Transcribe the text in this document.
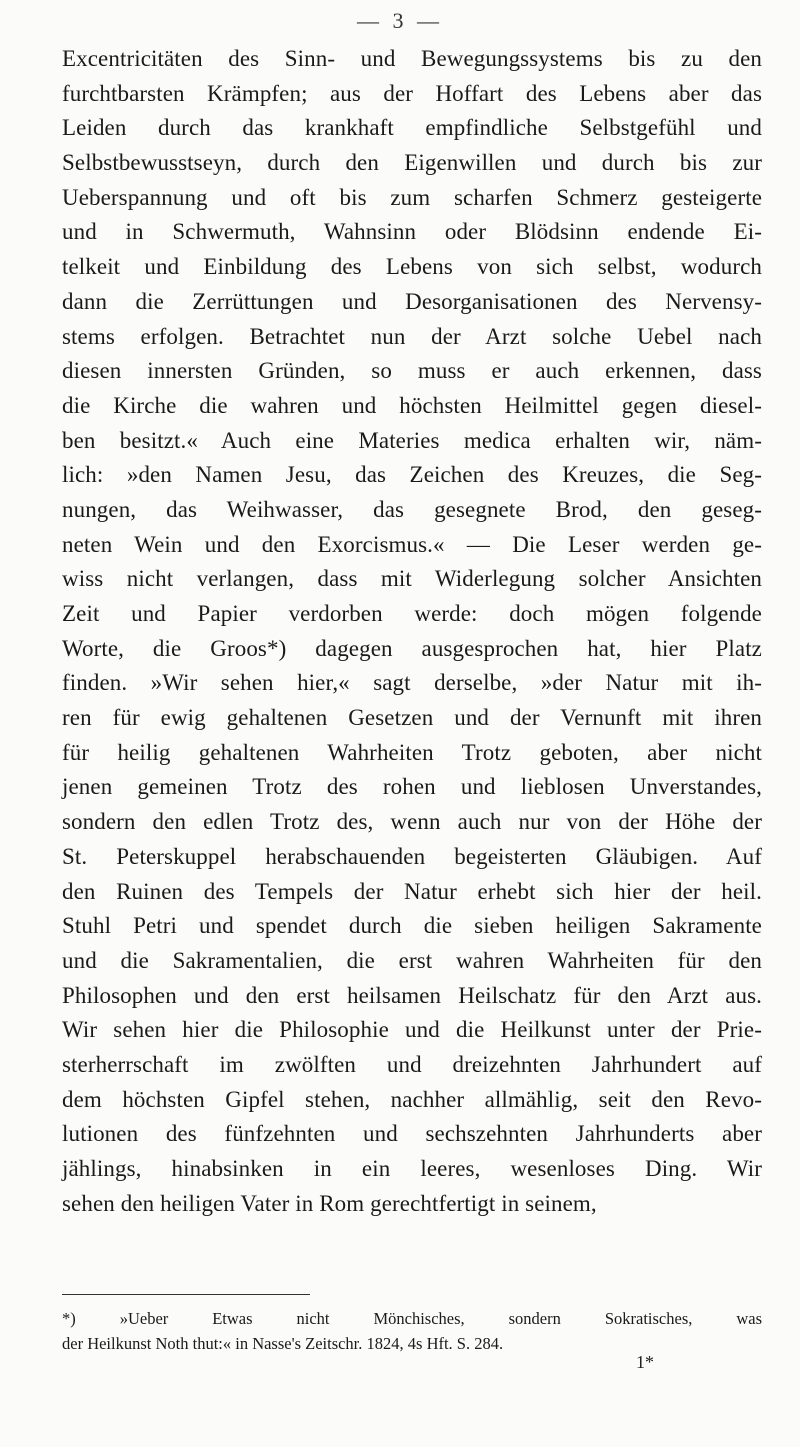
— 3 —
Excentricitäten des Sinn- und Bewegungssystems bis zu den
furchtbarsten Krämpfen; aus der Hoffart des Lebens aber das
Leiden durch das krankhaft empfindliche Selbstgefühl und
Selbstbewusstseyn, durch den Eigenwillen und durch bis zur
Ueberspannung und oft bis zum scharfen Schmerz gesteigerte
und in Schwermuth, Wahnsinn oder Blödsinn endende Ei-
telkeit und Einbildung des Lebens von sich selbst, wodurch
dann die Zerrüttungen und Desorganisationen des Nervensy-
stems erfolgen. Betrachtet nun der Arzt solche Uebel nach
diesen innersten Gründen, so muss er auch erkennen, dass
die Kirche die wahren und höchsten Heilmittel gegen diesel-
ben besitzt.« Auch eine Materies medica erhalten wir, näm-
lich: »den Namen Jesu, das Zeichen des Kreuzes, die Seg-
nungen, das Weihwasser, das gesegnete Brod, den geseg-
neten Wein und den Exorcismus.« — Die Leser werden ge-
wiss nicht verlangen, dass mit Widerlegung solcher Ansichten
Zeit und Papier verdorben werde: doch mögen folgende
Worte, die Groos*) dagegen ausgesprochen hat, hier Platz
finden. »Wir sehen hier,« sagt derselbe, »der Natur mit ih-
ren für ewig gehaltenen Gesetzen und der Vernunft mit ihren
für heilig gehaltenen Wahrheiten Trotz geboten, aber nicht
jenen gemeinen Trotz des rohen und lieblosen Unverstandes,
sondern den edlen Trotz des, wenn auch nur von der Höhe der
St. Peterskuppel herabschauenden begeisterten Gläubigen. Auf
den Ruinen des Tempels der Natur erhebt sich hier der heil.
Stuhl Petri und spendet durch die sieben heiligen Sakramente
und die Sakramentalien, die erst wahren Wahrheiten für den
Philosophen und den erst heilsamen Heilschatz für den Arzt aus.
Wir sehen hier die Philosophie und die Heilkunst unter der Prie-
sterherrschaft im zwölften und dreizehnten Jahrhundert auf
dem höchsten Gipfel stehen, nachher allmählig, seit den Revo-
lutionen des fünfzehnten und sechszehnten Jahrhunderts aber
jählings, hinabsinken in ein leeres, wesenloses Ding. Wir
sehen den heiligen Vater in Rom gerechtfertigt in seinem,
*) »Ueber Etwas nicht Mönchisches, sondern Sokratisches, was
der Heilkunst Noth thut:« in Nasse's Zeitschr. 1824, 4s Hft. S. 284.
1*
